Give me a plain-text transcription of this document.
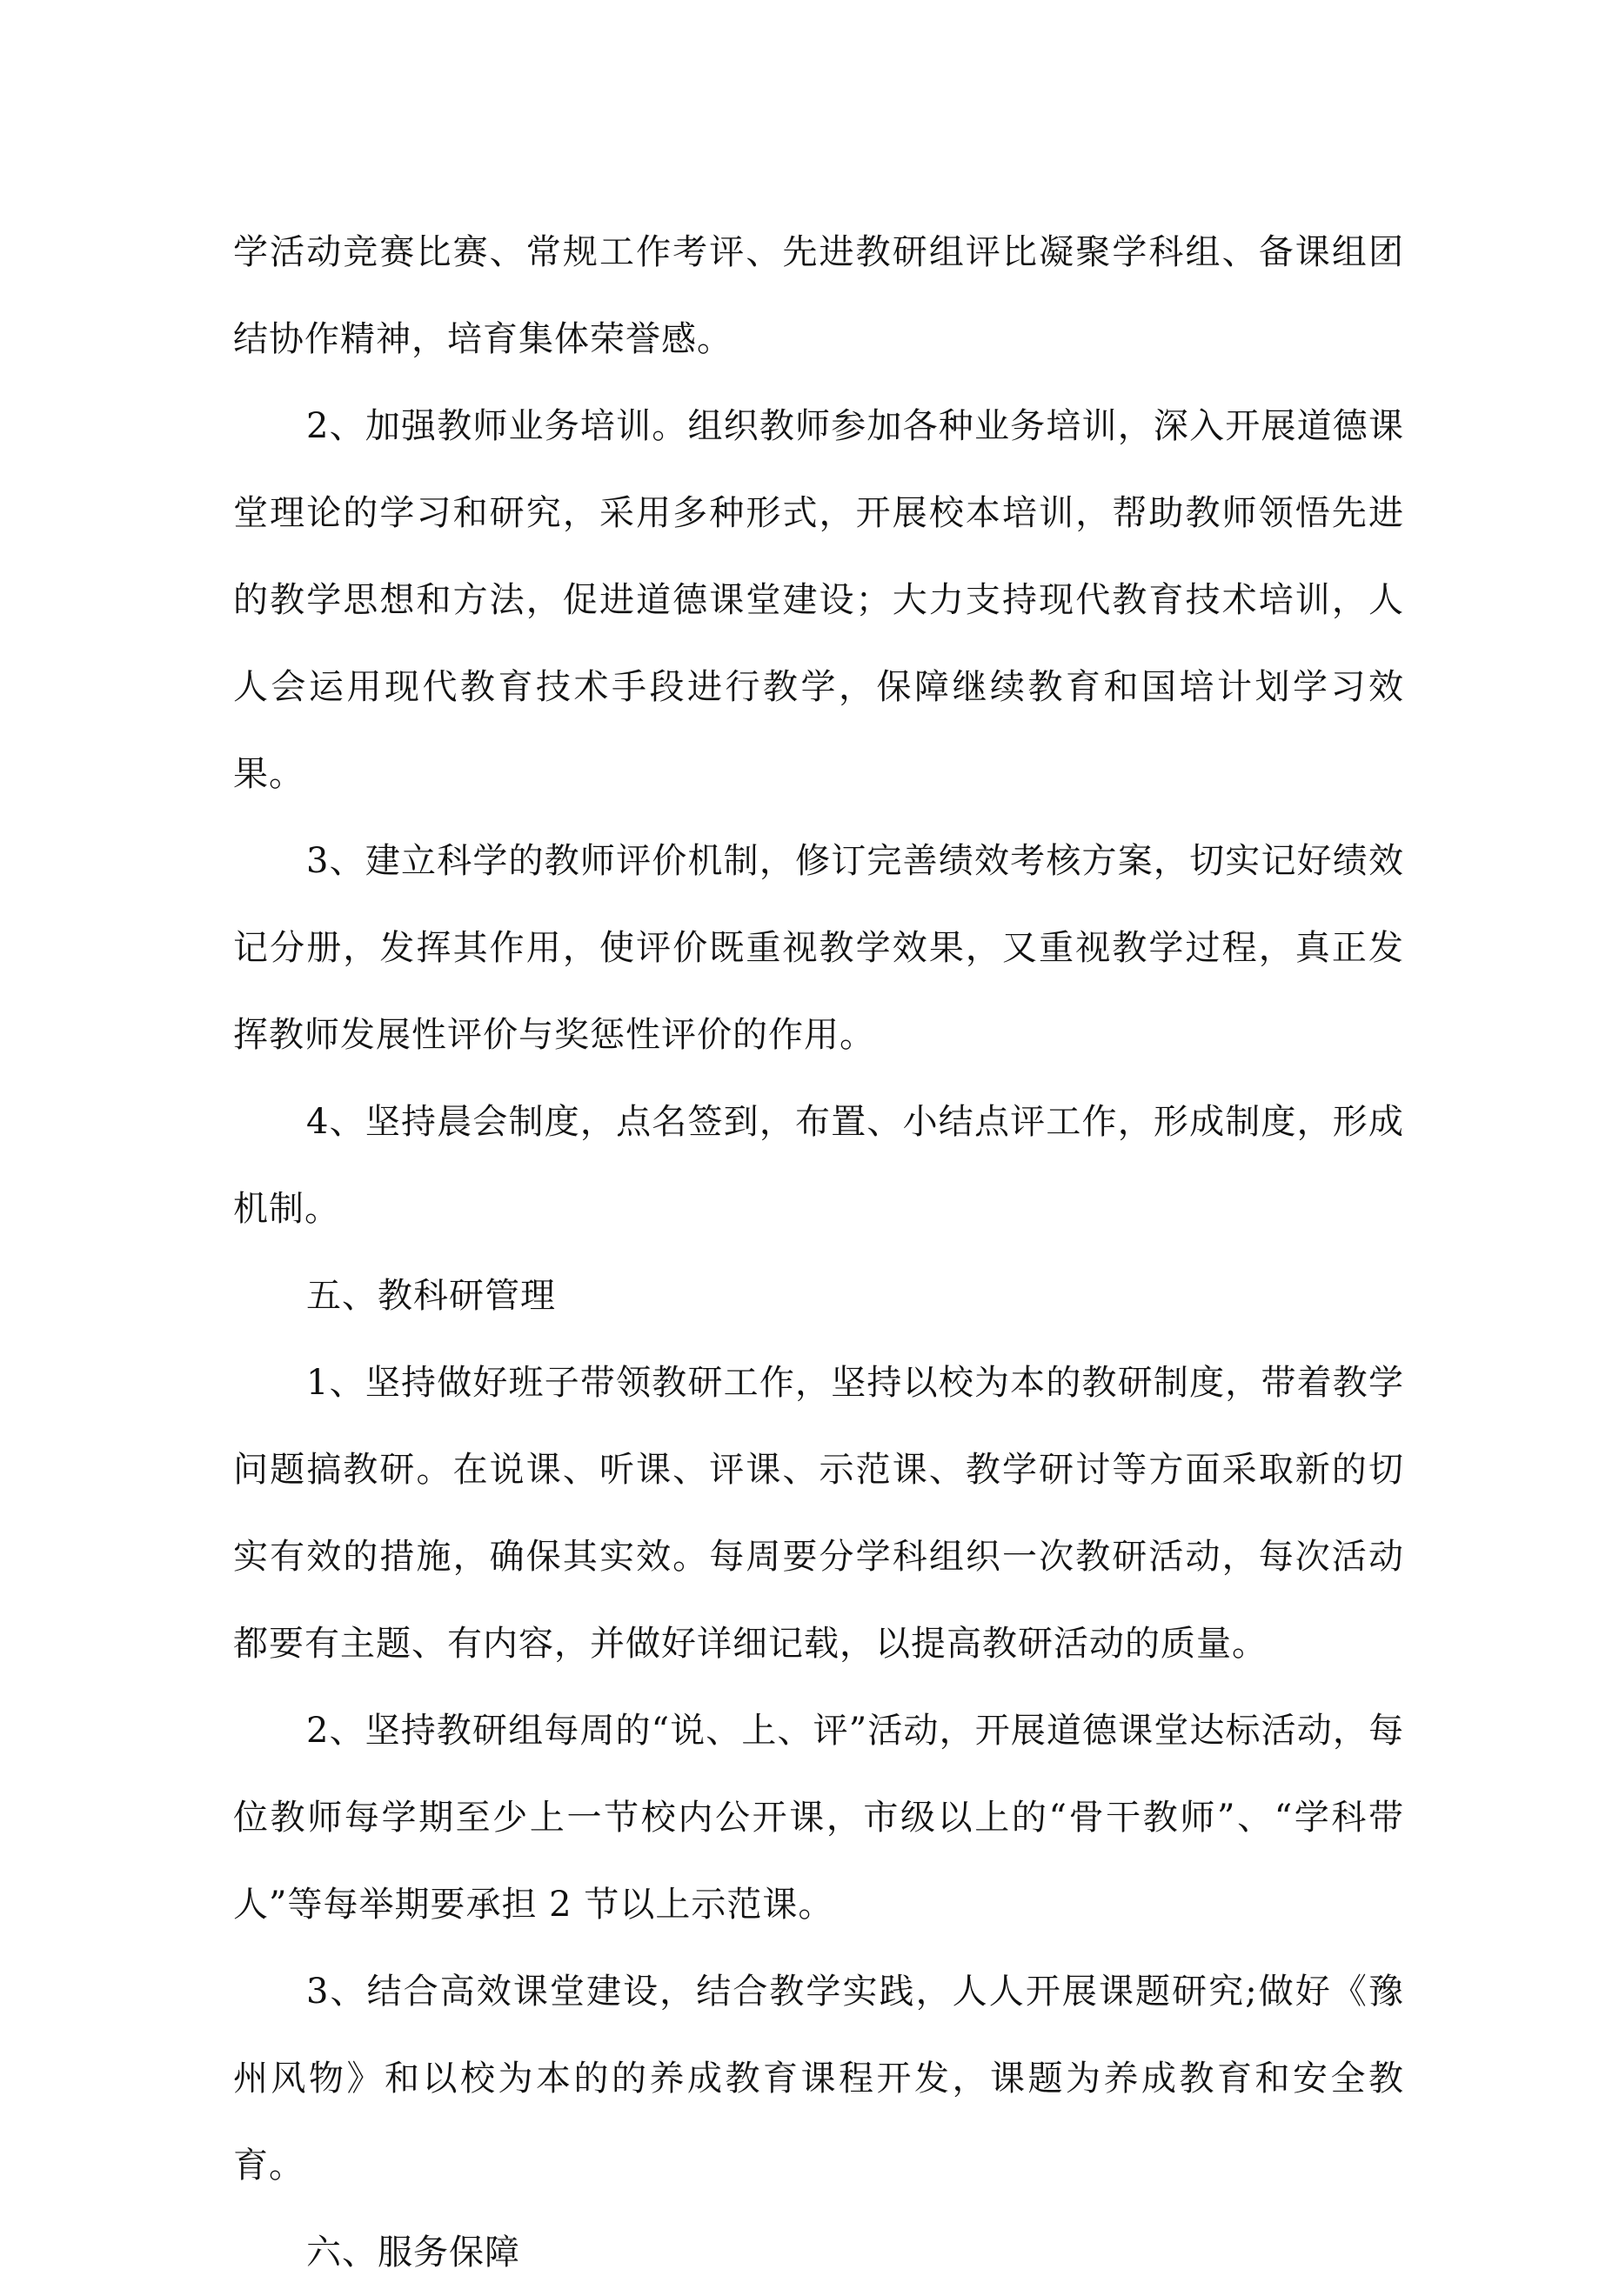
学活动竞赛比赛、常规工作考评、先进教研组评比凝聚学科组、备课组团结协作精神，培育集体荣誉感。

2、加强教师业务培训。组织教师参加各种业务培训，深入开展道德课堂理论的学习和研究，采用多种形式，开展校本培训，帮助教师领悟先进的教学思想和方法，促进道德课堂建设；大力支持现代教育技术培训，人人会运用现代教育技术手段进行教学，保障继续教育和国培计划学习效果。

3、建立科学的教师评价机制，修订完善绩效考核方案，切实记好绩效记分册，发挥其作用，使评价既重视教学效果，又重视教学过程，真正发挥教师发展性评价与奖惩性评价的作用。

4、坚持晨会制度，点名签到，布置、小结点评工作，形成制度，形成机制。

五、教科研管理

1、坚持做好班子带领教研工作，坚持以校为本的教研制度，带着教学问题搞教研。在说课、听课、评课、示范课、教学研讨等方面采取新的切实有效的措施，确保其实效。每周要分学科组织一次教研活动，每次活动都要有主题、有内容，并做好详细记载，以提高教研活动的质量。

2、坚持教研组每周的“说、上、评”活动，开展道德课堂达标活动，每位教师每学期至少上一节校内公开课，市级以上的“骨干教师”、“学科带人”等每举期要承担 2 节以上示范课。

3、结合高效课堂建设，结合教学实践，人人开展课题研究;做好《豫州风物》和以校为本的的养成教育课程开发，课题为养成教育和安全教育。

六、服务保障
